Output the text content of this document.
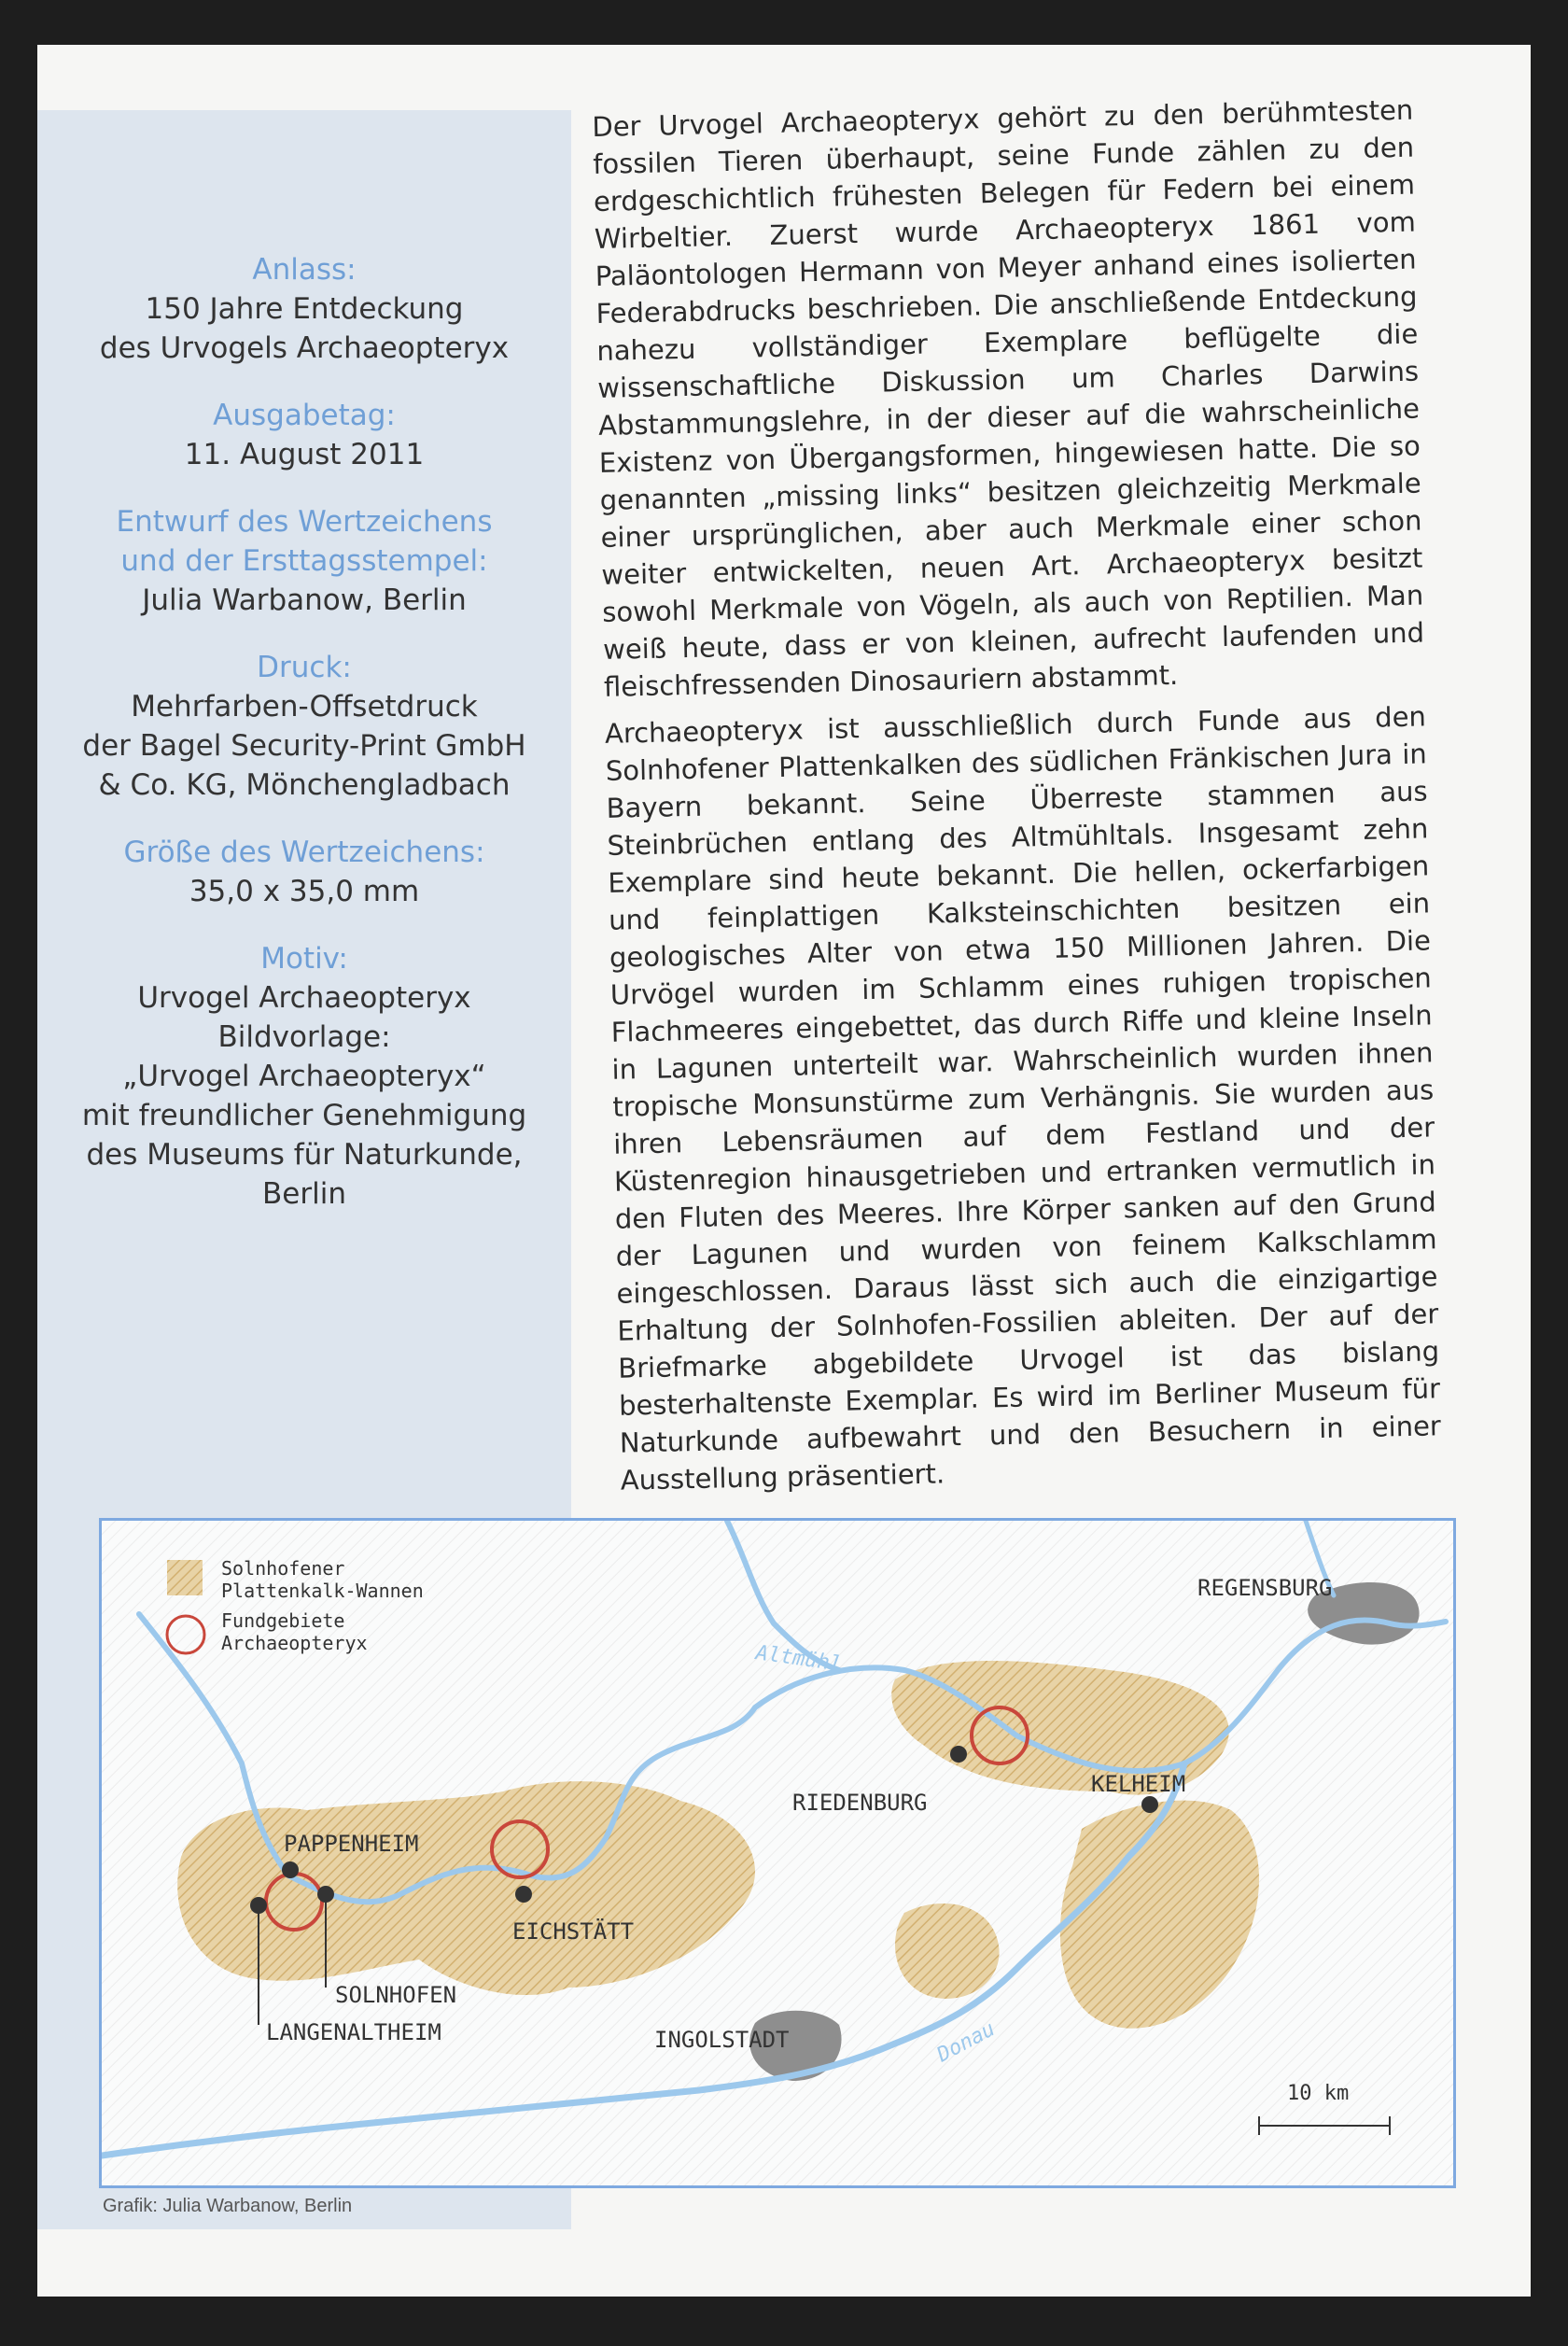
Anlass:
150 Jahre Entdeckung
des Urvogels Archaeopteryx
Ausgabetag:
11. August 2011
Entwurf des Wertzeichens
und der Ersttagsstempel:
Julia Warbanow, Berlin
Druck:
Mehrfarben-Offsetdruck
der Bagel Security-Print GmbH
& Co. KG, Mönchengladbach
Größe des Wertzeichens:
35,0 x 35,0 mm
Motiv:
Urvogel Archaeopteryx
Bildvorlage:
„Urvogel Archaeopteryx“
mit freundlicher Genehmigung
des Museums für Naturkunde,
Berlin

Der Urvogel Archaeopteryx gehört zu den berühmtesten fossilen Tieren überhaupt, seine Funde zählen zu den erdgeschichtlich frühesten Belegen für Federn bei einem Wirbeltier. Zuerst wurde Archaeopteryx 1861 vom Paläontologen Hermann von Meyer anhand eines isolierten Federabdrucks beschrieben. Die anschließende Entdeckung nahezu vollständiger Exemplare beflügelte die wissenschaftliche Diskussion um Charles Darwins Abstammungslehre, in der dieser auf die wahrscheinliche Existenz von Übergangsformen, hingewiesen hatte. Die so genannten „missing links“ besitzen gleichzeitig Merkmale einer ursprünglichen, aber auch Merkmale einer schon weiter entwickelten, neuen Art. Archaeopteryx besitzt sowohl Merkmale von Vögeln, als auch von Reptilien. Man weiß heute, dass er von kleinen, aufrecht laufenden und fleischfressenden Dinosauriern abstammt.

Archaeopteryx ist ausschließlich durch Funde aus den Solnhofener Plattenkalken des südlichen Fränkischen Jura in Bayern bekannt. Seine Überreste stammen aus Steinbrüchen entlang des Altmühltals. Insgesamt zehn Exemplare sind heute bekannt. Die hellen, ockerfarbigen und feinplattigen Kalksteinschichten besitzen ein geologisches Alter von etwa 150 Millionen Jahren. Die Urvögel wurden im Schlamm eines ruhigen tropischen Flachmeeres eingebettet, das durch Riffe und kleine Inseln in Lagunen unterteilt war. Wahrscheinlich wurden ihnen tropische Monsunstürme zum Verhängnis. Sie wurden aus ihren Lebensräumen auf dem Festland und der Küstenregion hinausgetrieben und ertranken vermutlich in den Fluten des Meeres. Ihre Körper sanken auf den Grund der Lagunen und wurden von feinem Kalkschlamm eingeschlossen. Daraus lässt sich auch die einzigartige Erhaltung der Solnhofen-Fossilien ableiten. Der auf der Briefmarke abgebildete Urvogel ist das bislang besterhaltenste Exemplar. Es wird im Berliner Museum für Naturkunde aufbewahrt und den Besuchern in einer Ausstellung präsentiert.

Solnhofener Plattenkalk-Wannen
Fundgebiete Archaeopteryx
REGENSBURG
RIEDENBURG
KELHEIM
PAPPENHEIM
EICHSTÄTT
SOLNHOFEN
LANGENALTHEIM	INGOLSTADT
Altmühl
Donau
10 km
Grafik: Julia Warbanow, Berlin
